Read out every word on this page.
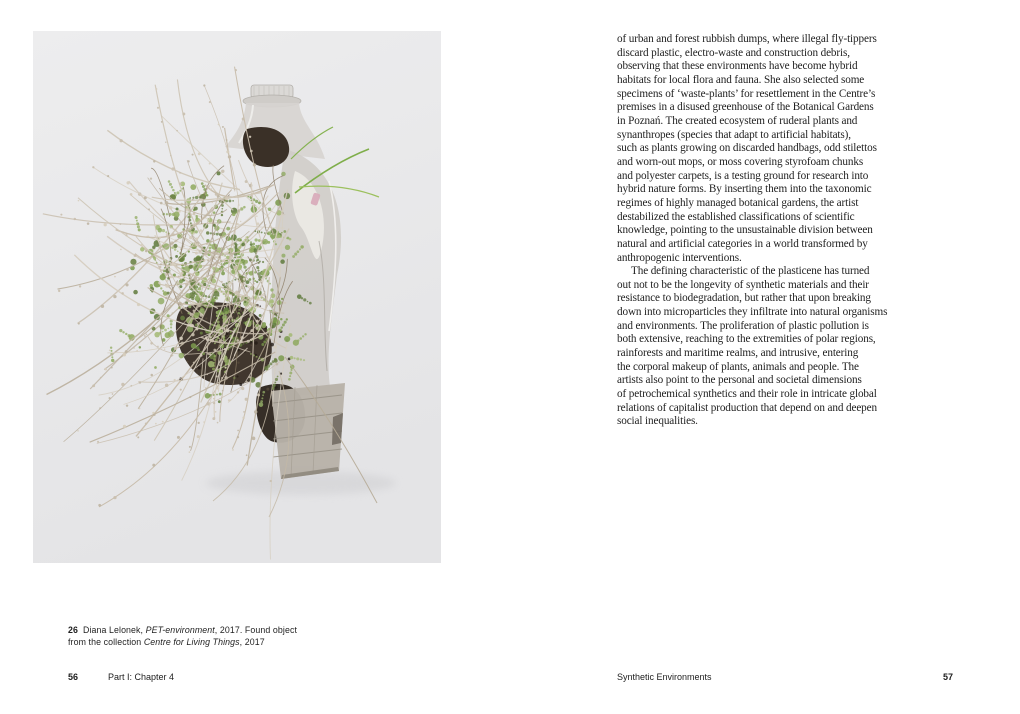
26 Diana Lelonek, PET-environment, 2017. Found object
from the collection Centre for Living Things, 2017
56	Part I: Chapter 4
of urban and forest rubbish dumps, where illegal fly-tippers
discard plastic, electro-waste and construction debris,
observing that these environments have become hybrid
habitats for local flora and fauna. She also selected some
specimens of ‘waste-plants’ for resettlement in the Centre’s
premises in a disused greenhouse of the Botanical Gardens
in Poznań. The created ecosystem of ruderal plants and
synanthropes (species that adapt to artificial habitats),
such as plants growing on discarded handbags, odd stilettos
and worn-out mops, or moss covering styrofoam chunks
and polyester carpets, is a testing ground for research into
hybrid nature forms. By inserting them into the taxonomic
regimes of highly managed botanical gardens, the artist
destabilized the established classifications of scientific
knowledge, pointing to the unsustainable division between
natural and artificial categories in a world transformed by
anthropogenic interventions.
The defining characteristic of the plasticene has turned
out not to be the longevity of synthetic materials and their
resistance to biodegradation, but rather that upon breaking
down into microparticles they infiltrate into natural organisms
and environments. The proliferation of plastic pollution is
both extensive, reaching to the extremities of polar regions,
rainforests and maritime realms, and intrusive, entering
the corporal makeup of plants, animals and people. The
artists also point to the personal and societal dimensions
of petrochemical synthetics and their role in intricate global
relations of capitalist production that depend on and deepen
social inequalities.
Synthetic Environments	57
